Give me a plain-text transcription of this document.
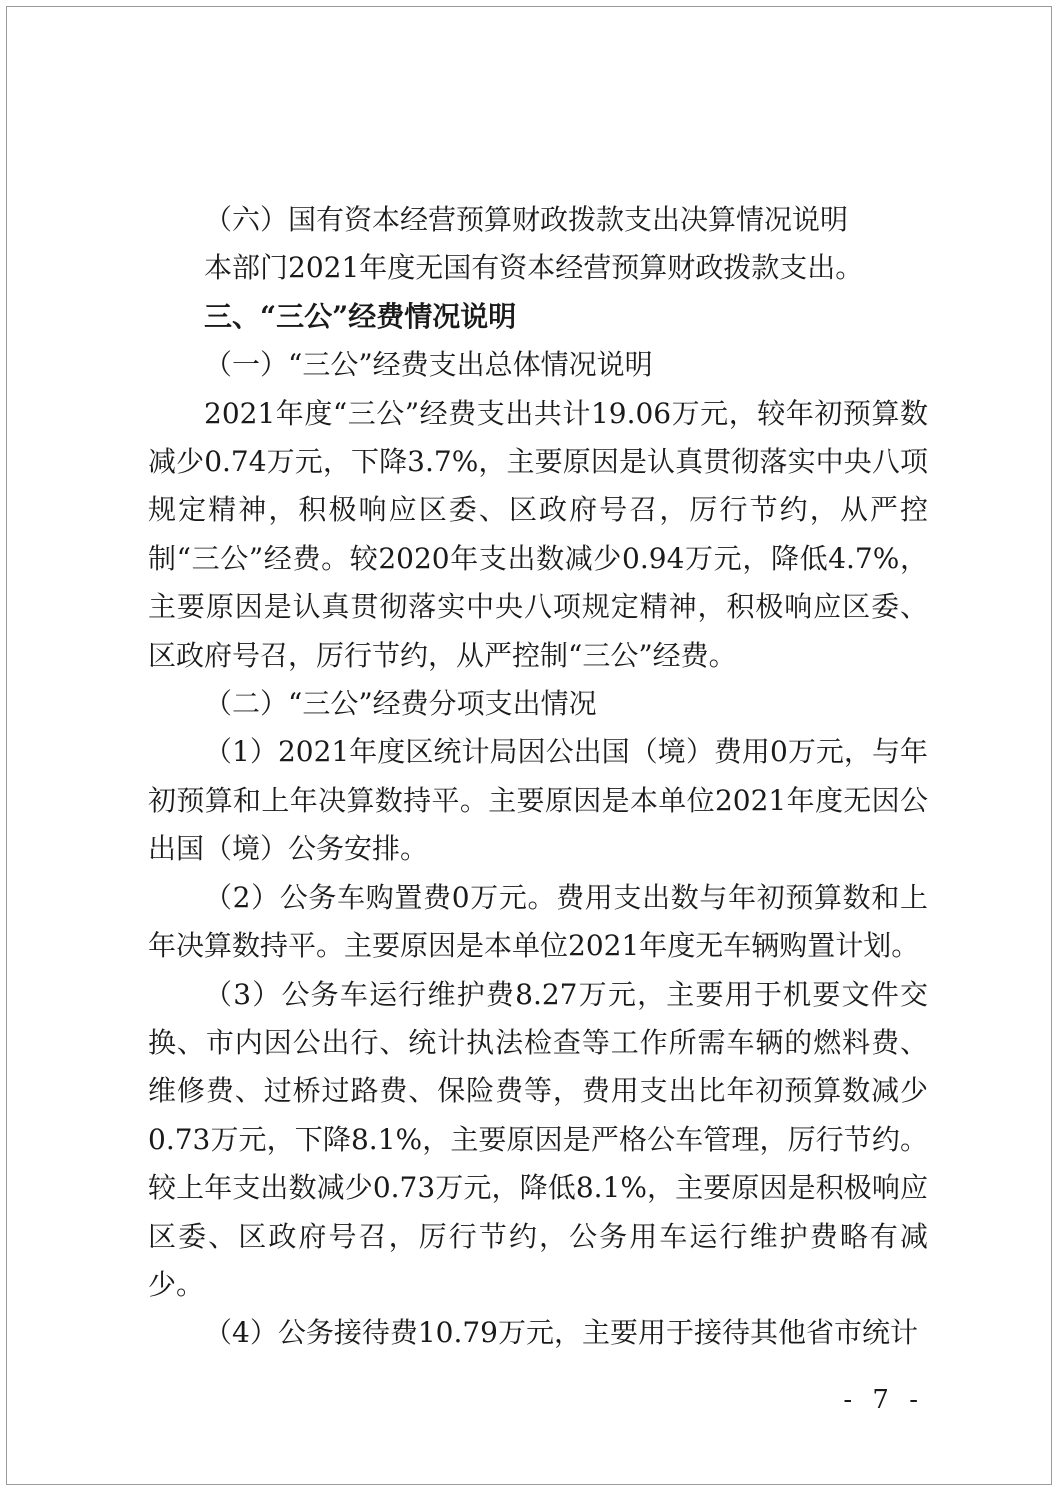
（六）国有资本经营预算财政拨款支出决算情况说明

本部门2021年度无国有资本经营预算财政拨款支出。

三、“三公”经费情况说明

（一）“三公”经费支出总体情况说明

2021年度“三公”经费支出共计19.06万元，较年初预算数减少0.74万元，下降3.7%，主要原因是认真贯彻落实中央八项规定精神，积极响应区委、区政府号召，厉行节约，从严控制“三公”经费。较2020年支出数减少0.94万元，降低4.7%，主要原因是认真贯彻落实中央八项规定精神，积极响应区委、区政府号召，厉行节约，从严控制“三公”经费。

（二）“三公”经费分项支出情况

（1）2021年度区统计局因公出国（境）费用0万元，与年初预算和上年决算数持平。主要原因是本单位2021年度无因公出国（境）公务安排。

（2）公务车购置费0万元。费用支出数与年初预算数和上年决算数持平。主要原因是本单位2021年度无车辆购置计划。

（3）公务车运行维护费8.27万元，主要用于机要文件交换、市内因公出行、统计执法检查等工作所需车辆的燃料费、维修费、过桥过路费、保险费等，费用支出比年初预算数减少0.73万元，下降8.1%，主要原因是严格公车管理，厉行节约。较上年支出数减少0.73万元，降低8.1%，主要原因是积极响应区委、区政府号召，厉行节约，公务用车运行维护费略有减少。

（4）公务接待费10.79万元，主要用于接待其他省市统计

- 7 -
